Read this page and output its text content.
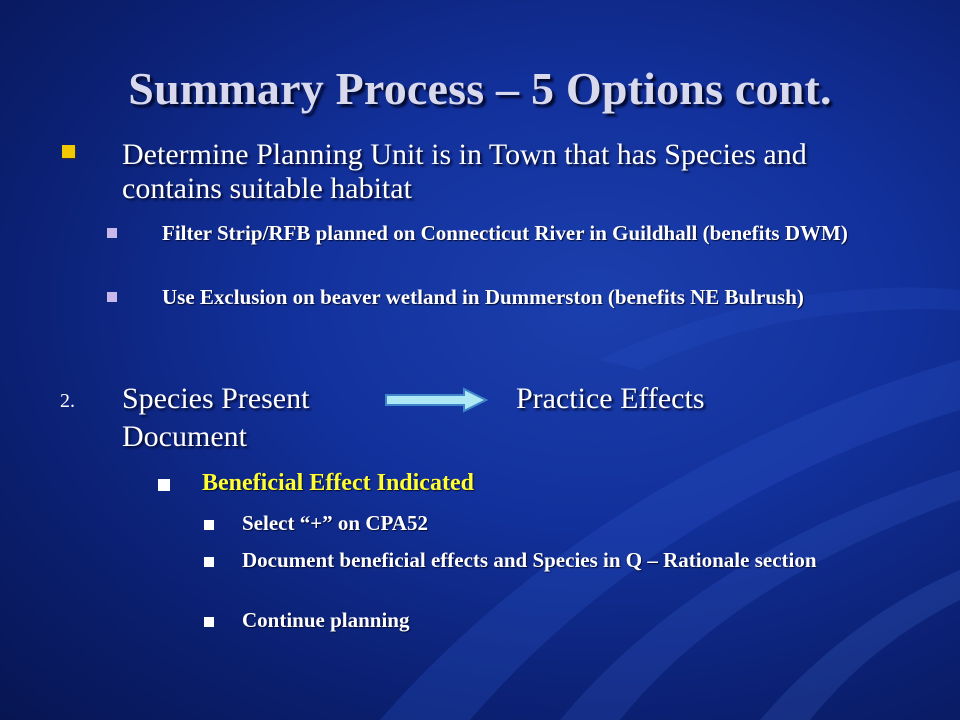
Summary Process – 5 Options cont.
Determine Planning Unit is in Town that has Species and contains suitable habitat
Filter Strip/RFB planned on Connecticut River in Guildhall (benefits DWM)
Use Exclusion on beaver wetland in Dummerston (benefits NE Bulrush)
2. Species Present	Practice Effects
Document
Beneficial Effect Indicated
Select “+” on CPA52
Document beneficial effects and Species in Q – Rationale section
Continue planning
